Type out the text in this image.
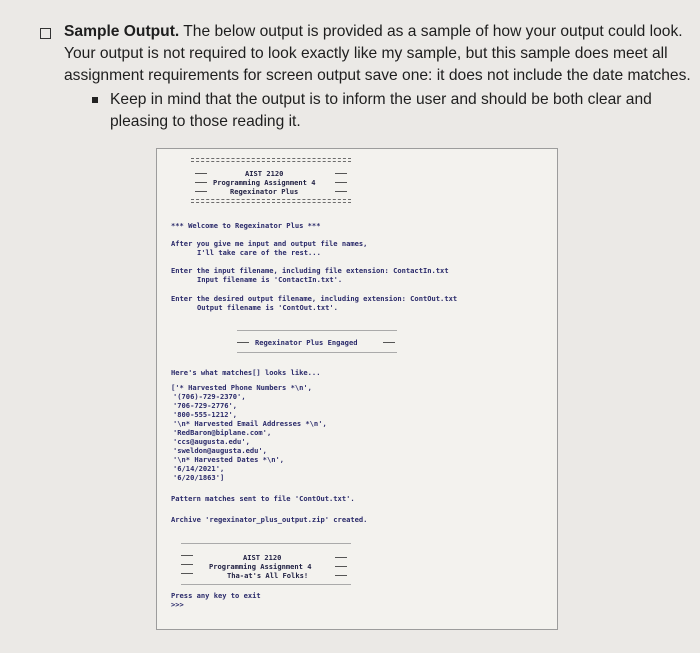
Sample Output. The below output is provided as a sample of how your output could look. Your output is not required to look exactly like my sample, but this sample does meet all assignment requirements for screen output save one: it does not include the date matches.
Keep in mind that the output is to inform the user and should be both clear and pleasing to those reading it.
AIST 2120
Programming Assignment 4
Regexinator Plus
*** Welcome to Regexinator Plus ***
After you give me input and output file names,
I'll take care of the rest...
Enter the input filename, including file extension: ContactIn.txt
Input filename is 'ContactIn.txt'.
Enter the desired output filename, including extension: ContOut.txt
Output filename is 'ContOut.txt'.
Regexinator Plus Engaged
Here's what matches[] looks like...
['* Harvested Phone Numbers *\n',
'(706)-729-2370',
'706-729-2776',
'800-555-1212',
'\n* Harvested Email Addresses *\n',
'RedBaron@biplane.com',
'ccs@augusta.edu',
'sweldon@augusta.edu',
'\n* Harvested Dates *\n',
'6/14/2021',
'6/20/1863']
Pattern matches sent to file 'ContOut.txt'.
Archive 'regexinator_plus_output.zip' created.
AIST 2120
Programming Assignment 4
Tha-at's All Folks!
Press any key to exit
>>>
